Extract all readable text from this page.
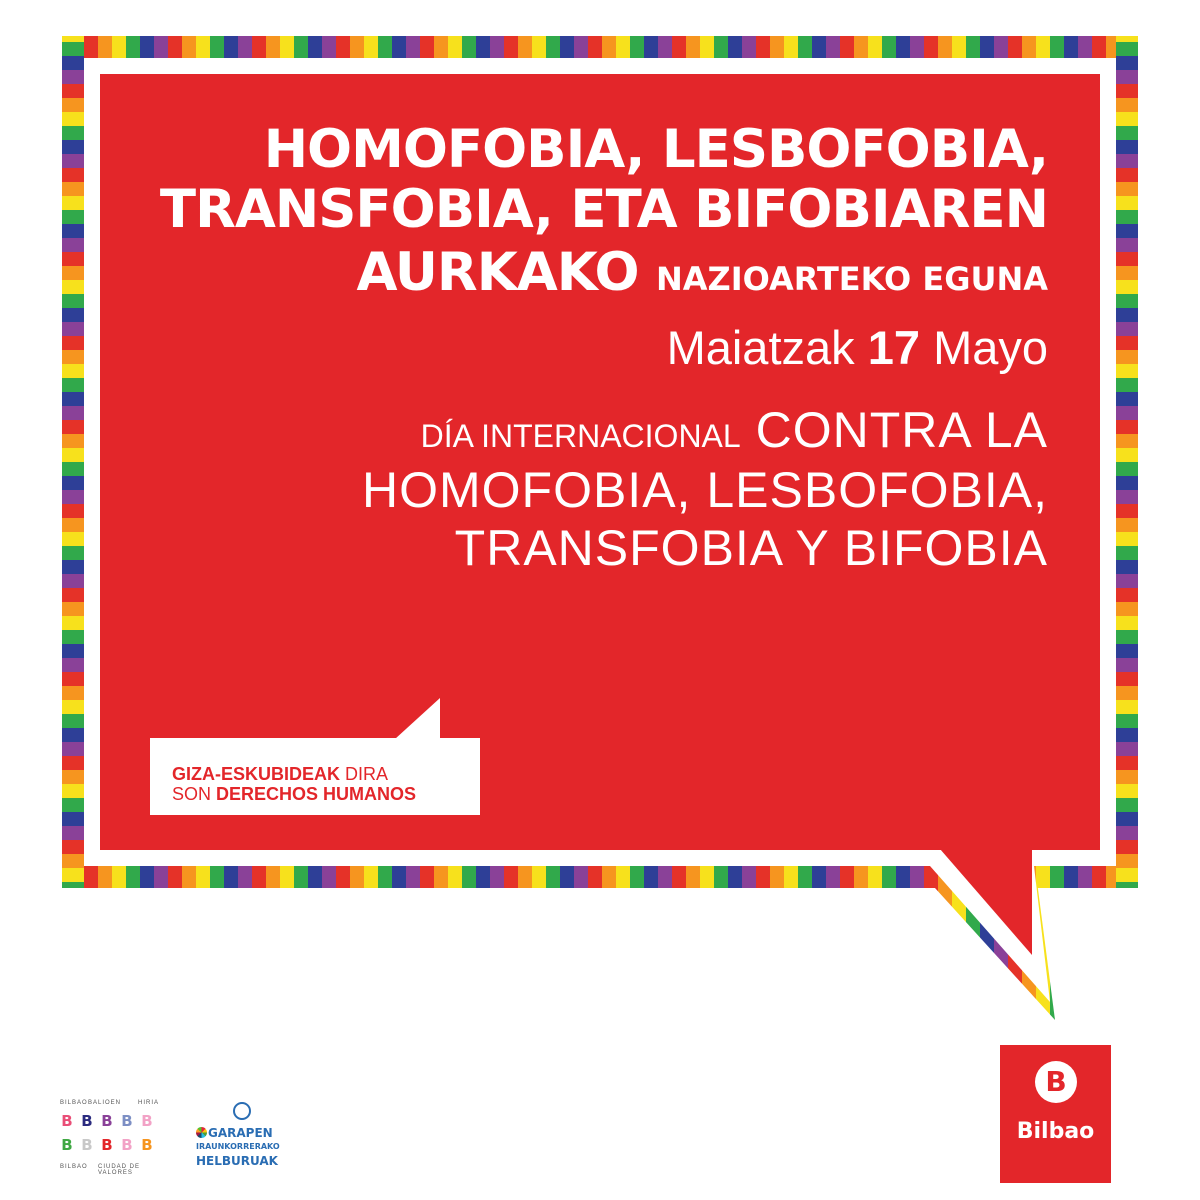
HOMOFOBIA, LESBOFOBIA,
TRANSFOBIA, ETA BIFOBIAREN
AURKAKO NAZIOARTEKO EGUNA
Maiatzak 17 Mayo
DÍA INTERNACIONAL CONTRA LA
HOMOFOBIA, LESBOFOBIA,
TRANSFOBIA Y BIFOBIA
GIZA-ESKUBIDEAK DIRA
SON DERECHOS HUMANOS
B
Bilbao
BILBAO BALIOEN	HIRIA
B B B B B
B B B B B
BILBAO CIUDAD DE VALORES
GARAPEN
IRAUNKORRERAKO
HELBURUAK
